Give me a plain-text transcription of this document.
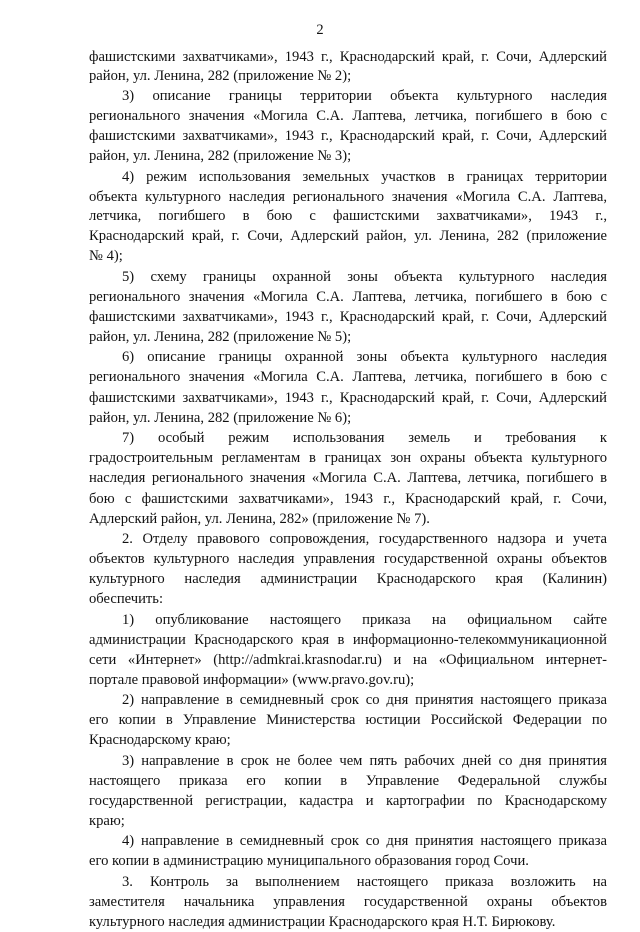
2
фашистскими захватчиками», 1943 г., Краснодарский край, г. Сочи, Адлерский
район, ул. Ленина, 282 (приложение № 2);
3) описание границы территории объекта культурного наследия
регионального значения «Могила С.А. Лаптева, летчика, погибшего в бою с
фашистскими захватчиками», 1943 г., Краснодарский край, г. Сочи, Адлерский
район, ул. Ленина, 282 (приложение № 3);
4) режим использования земельных участков в границах территории
объекта культурного наследия регионального значения «Могила С.А. Лаптева,
летчика, погибшего в бою с фашистскими захватчиками», 1943 г.,
Краснодарский край, г. Сочи, Адлерский район, ул. Ленина, 282 (приложение
№ 4);
5) схему границы охранной зоны объекта культурного наследия
регионального значения «Могила С.А. Лаптева, летчика, погибшего в бою с
фашистскими захватчиками», 1943 г., Краснодарский край, г. Сочи, Адлерский
район, ул. Ленина, 282 (приложение № 5);
6) описание границы охранной зоны объекта культурного наследия
регионального значения «Могила С.А. Лаптева, летчика, погибшего в бою с
фашистскими захватчиками», 1943 г., Краснодарский край, г. Сочи, Адлерский
район, ул. Ленина, 282 (приложение № 6);
7) особый режим использования земель и требования к
градостроительным регламентам в границах зон охраны объекта культурного
наследия регионального значения «Могила С.А. Лаптева, летчика, погибшего в
бою с фашистскими захватчиками», 1943 г., Краснодарский край, г. Сочи,
Адлерский район, ул. Ленина, 282» (приложение № 7).
2. Отделу правового сопровождения, государственного надзора и учета
объектов культурного наследия управления государственной охраны объектов
культурного наследия администрации Краснодарского края (Калинин)
обеспечить:
1) опубликование настоящего приказа на официальном сайте
администрации Краснодарского края в информационно-телекоммуникационной
сети «Интернет» (http://admkrai.krasnodar.ru) и на «Официальном интернет-
портале правовой информации» (www.pravo.gov.ru);
2) направление в семидневный срок со дня принятия настоящего приказа
его копии в Управление Министерства юстиции Российской Федерации по
Краснодарскому краю;
3) направление в срок не более чем пять рабочих дней со дня принятия
настоящего приказа его копии в Управление Федеральной службы
государственной регистрации, кадастра и картографии по Краснодарскому
краю;
4) направление в семидневный срок со дня принятия настоящего приказа
его копии в администрацию муниципального образования город Сочи.
3. Контроль за выполнением настоящего приказа возложить на
заместителя начальника управления государственной охраны объектов
культурного наследия администрации Краснодарского края Н.Т. Бирюкову.
